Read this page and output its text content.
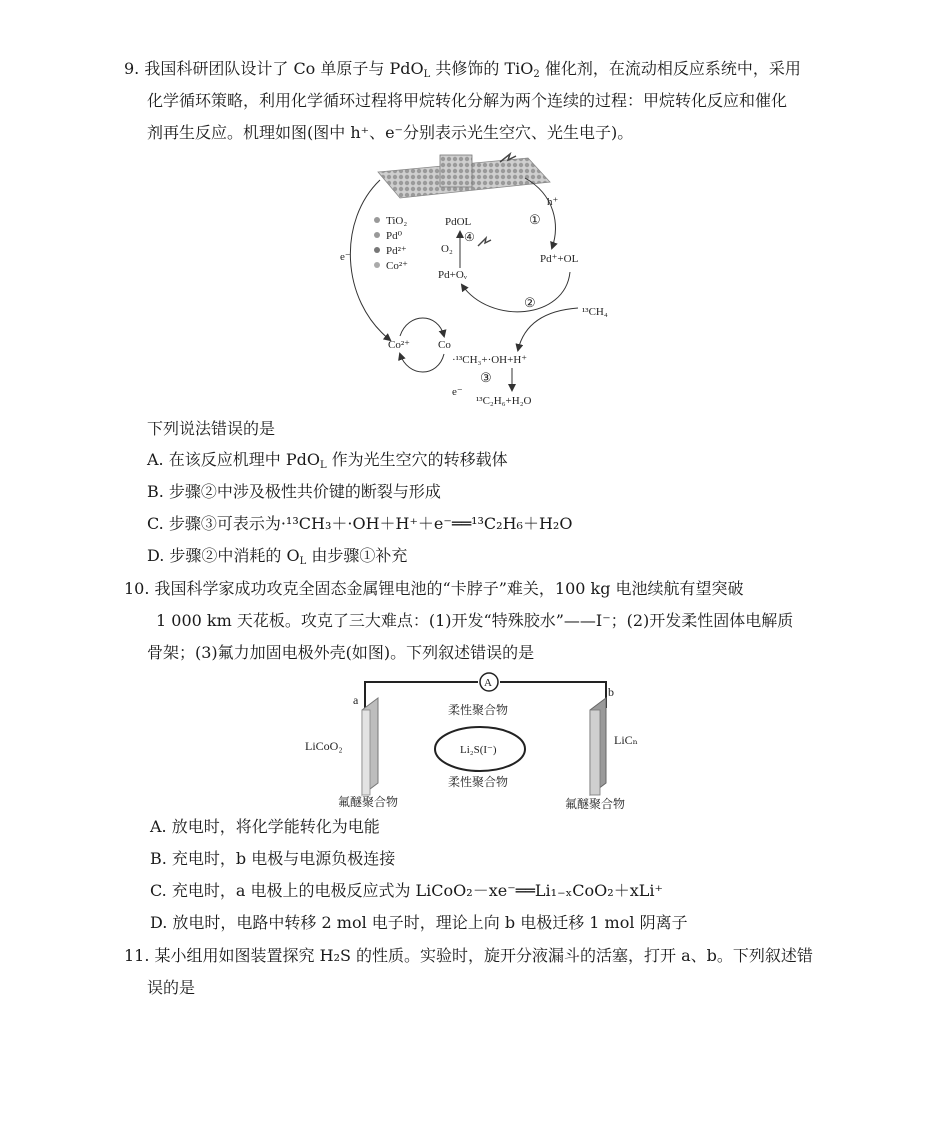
9. 我国科研团队设计了 Co 单原子与 PdO$_L$ 共修饰的 TiO$_2$ 催化剂，在流动相反应系统中，采用
化学循环策略，利用化学循环过程将甲烷转化分解为两个连续的过程：甲烷转化反应和催化
剂再生反应。机理如图(图中 h⁺、e⁻分别表示光生空穴、光生电子)。
TiO₂
Pd⁰
Pd²⁺
Co²⁺
PdOL
h⁺
①
Pd⁺+OL
O₂
④
Pd+Oᵥ
②
¹³CH₄
e⁻
Co²⁺	Co
·¹³CH₃+·OH+H⁺
③
e⁻
¹³C₂H₆+H₂O
下列说法错误的是
A. 在该反应机理中 PdO$_L$ 作为光生空穴的转移载体
B. 步骤②中涉及极性共价键的断裂与形成
C. 步骤③可表示为·¹³CH₃＋·OH＋H⁺＋e⁻══¹³C₂H₆＋H₂O
D. 步骤②中消耗的 $O_L$ 由步骤①补充
10. 我国科学家成功攻克全固态金属锂电池的“卡脖子”难关，100 kg 电池续航有望突破
1 000 km 天花板。攻克了三大难点：(1)开发“特殊胶水”——I⁻；(2)开发柔性固体电解质
骨架；(3)氟力加固电极外壳(如图)。下列叙述错误的是
A
a
b
LiCoO₂	LiCₙ
柔性聚合物
Li₂S(I⁻)
柔性聚合物
氟醚聚合物	氟醚聚合物
A. 放电时，将化学能转化为电能
B. 充电时，b 电极与电源负极连接
C. 充电时，a 电极上的电极反应式为 LiCoO₂－xe⁻══Li₁₋ₓCoO₂＋xLi⁺
D. 放电时，电路中转移 2 mol 电子时，理论上向 b 电极迁移 1 mol 阴离子
11. 某小组用如图装置探究 H₂S 的性质。实验时，旋开分液漏斗的活塞，打开 a、b。下列叙述错
误的是
